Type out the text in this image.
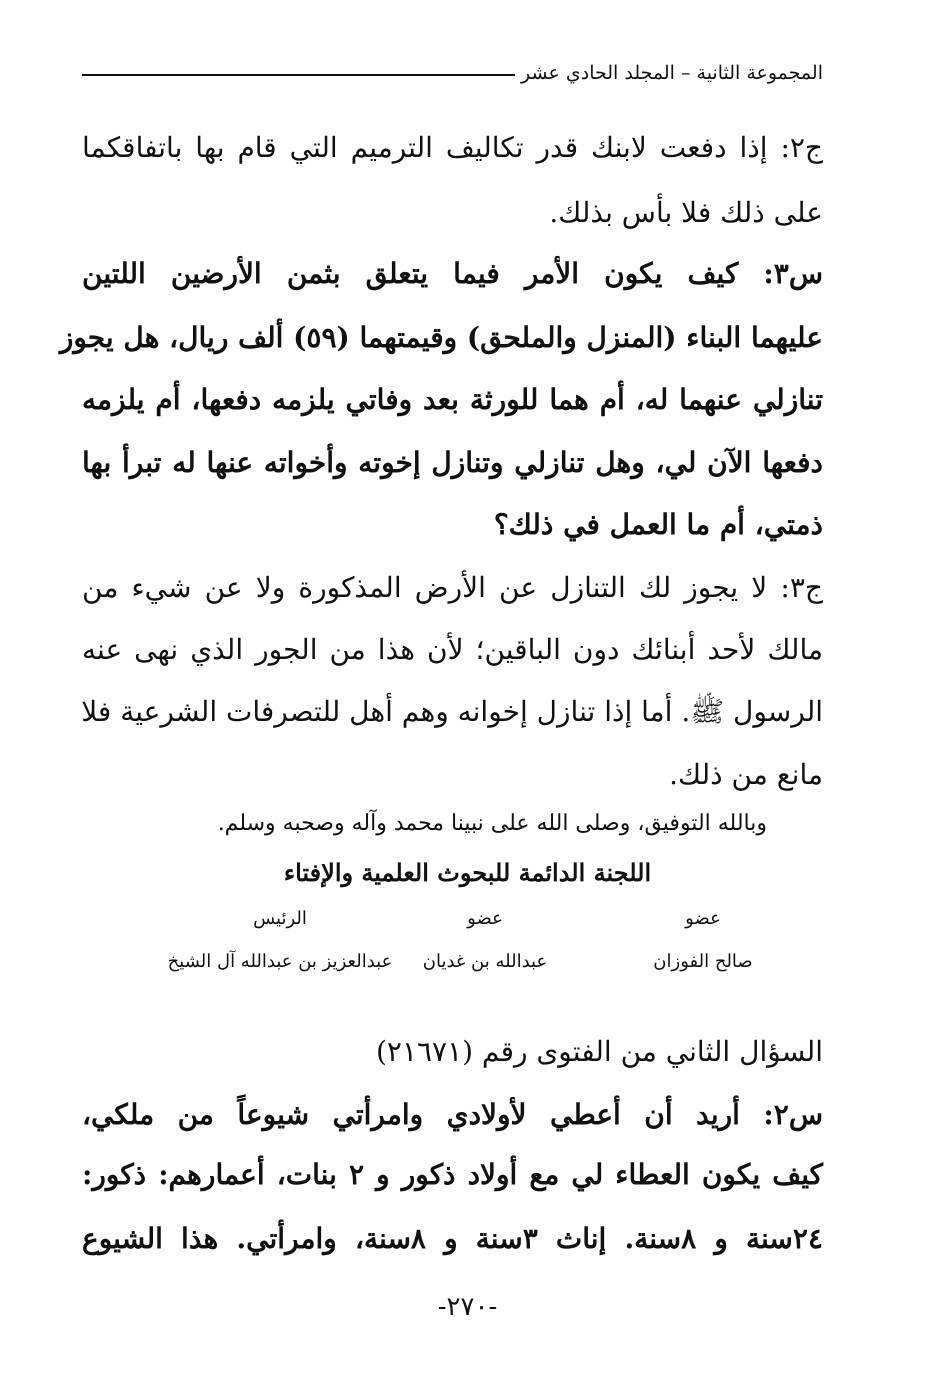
المجموعة الثانية – المجلد الحادي عشر
ج٢: إذا دفعت لابنك قدر تكاليف الترميم التي قام بها باتفاقكما
على ذلك فلا بأس بذلك.
س٣: كيف يكون الأمر فيما يتعلق بثمن الأرضين اللتين
عليهما البناء (المنزل والملحق) وقيمتهما (٥٩) ألف ريال، هل يجوز
تنازلي عنهما له، أم هما للورثة بعد وفاتي يلزمه دفعها، أم يلزمه
دفعها الآن لي، وهل تنازلي وتنازل إخوته وأخواته عنها له تبرأ بها
ذمتي، أم ما العمل في ذلك؟
ج٣: لا يجوز لك التنازل عن الأرض المذكورة ولا عن شيء من
مالك لأحد أبنائك دون الباقين؛ لأن هذا من الجور الذي نهى عنه
الرسول ﷺ. أما إذا تنازل إخوانه وهم أهل للتصرفات الشرعية فلا
مانع من ذلك.
وبالله التوفيق، وصلى الله على نبينا محمد وآله وصحبه وسلم.
اللجنة الدائمة للبحوث العلمية والإفتاء
عضو
عضو
الرئيس
صالح الفوزان
عبدالله بن غديان
عبدالعزيز بن عبدالله آل الشيخ
السؤال الثاني من الفتوى رقم (٢١٦٧١)
س٢: أريد أن أعطي لأولادي وامرأتي شيوعاً من ملكي،
كيف يكون العطاء لي مع أولاد ذكور و ٢ بنات، أعمارهم: ذكور:
٢٤سنة و ٨سنة. إناث ٣سنة و ٨سنة، وامرأتي. هذا الشيوع
-٢٧٠-
